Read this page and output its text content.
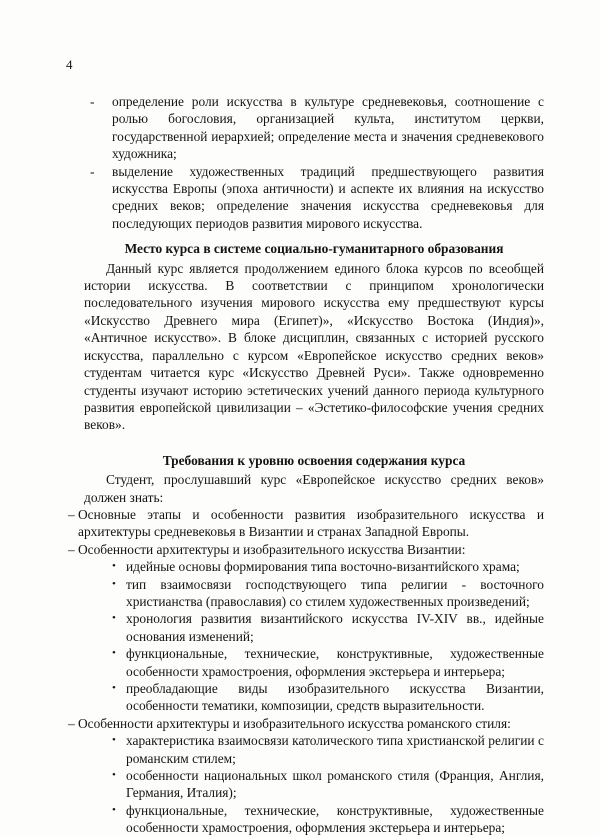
4
- определение роли искусства в культуре средневековья, соотношение с ролью богословия, организацией культа, институтом церкви, государственной иерархией; определение места и значения средневекового художника;
- выделение художественных традиций предшествующего развития искусства Европы (эпоха античности) и аспекте их влияния на искусство средних веков; определение значения искусства средневековья для последующих периодов развития мирового искусства.
Место курса в системе социально-гуманитарного образования
Данный курс является продолжением единого блока курсов по всеобщей истории искусства. В соответствии с принципом хронологически последовательного изучения мирового искусства ему предшествуют курсы «Искусство Древнего мира (Египет)», «Искусство Востока (Индия)», «Античное искусство». В блоке дисциплин, связанных с историей русского искусства, параллельно с курсом «Европейское искусство средних веков» студентам читается курс «Искусство Древней Руси». Также одновременно студенты изучают историю эстетических учений данного периода культурного развития европейской цивилизации – «Эстетико-философские учения средних веков».
Требования к уровню освоения содержания курса
Студент, прослушавший курс «Европейское искусство средних веков» должен знать:
– Основные этапы и особенности развития изобразительного искусства и архитектуры средневековья в Византии и странах Западной Европы.
– Особенности архитектуры и изобразительного искусства Византии:
• идейные основы формирования типа восточно-византийского храма;
• тип взаимосвязи господствующего типа религии - восточного христианства (православия) со стилем художественных произведений;
• хронология развития византийского искусства IV-XIV вв., идейные основания изменений;
• функциональные, технические, конструктивные, художественные особенности храмостроения, оформления экстерьера и интерьера;
• преобладающие виды изобразительного искусства Византии, особенности тематики, композиции, средств выразительности.
– Особенности архитектуры и изобразительного искусства романского стиля:
• характеристика взаимосвязи католического типа христианской религии с романским стилем;
• особенности национальных школ романского стиля (Франция, Англия, Германия, Италия);
• функциональные, технические, конструктивные, художественные особенности храмостроения, оформления экстерьера и интерьера;
